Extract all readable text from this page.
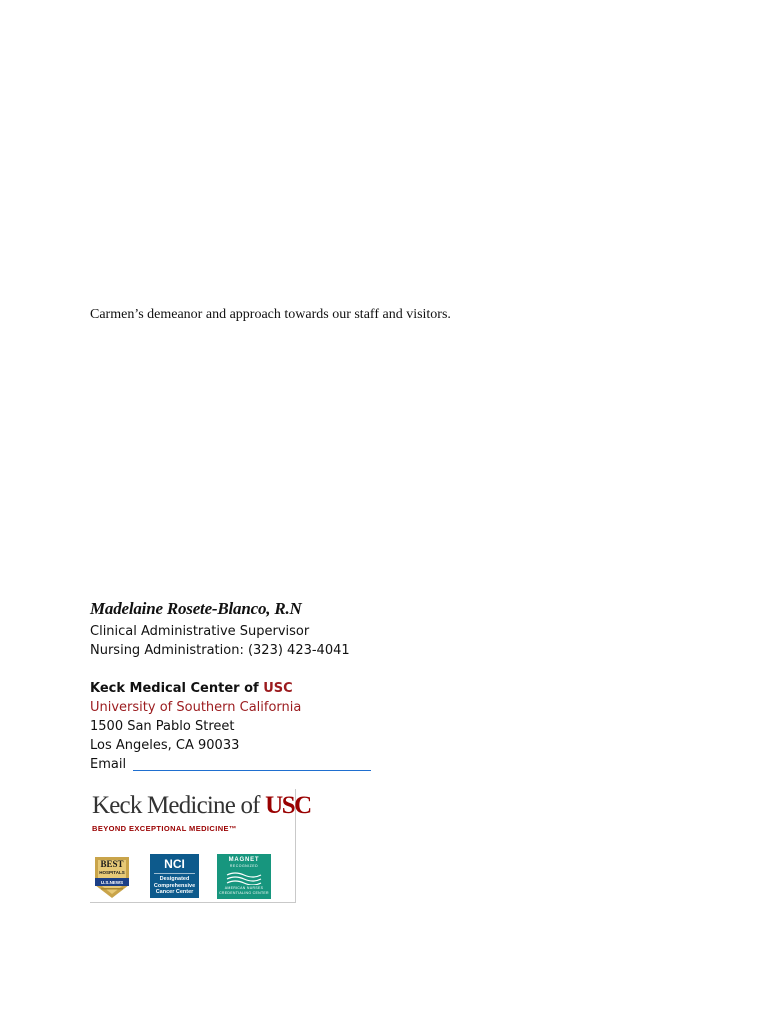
Carmen’s demeanor and approach towards our staff and visitors.
Madelaine Rosete-Blanco, R.N
Clinical Administrative Supervisor
Nursing Administration: (323) 423-4041
Keck Medical Center of USC
University of Southern California
1500 San Pablo Street
Los Angeles, CA 90033
Email
Keck Medicine of USC
BEYOND EXCEPTIONAL MEDICINE™
BEST
HOSPITALS
U.S.NEWS
NCI
Designated Comprehensive Cancer Center
MAGNET
RECOGNIZED
AMERICAN NURSES CREDENTIALING CENTER
